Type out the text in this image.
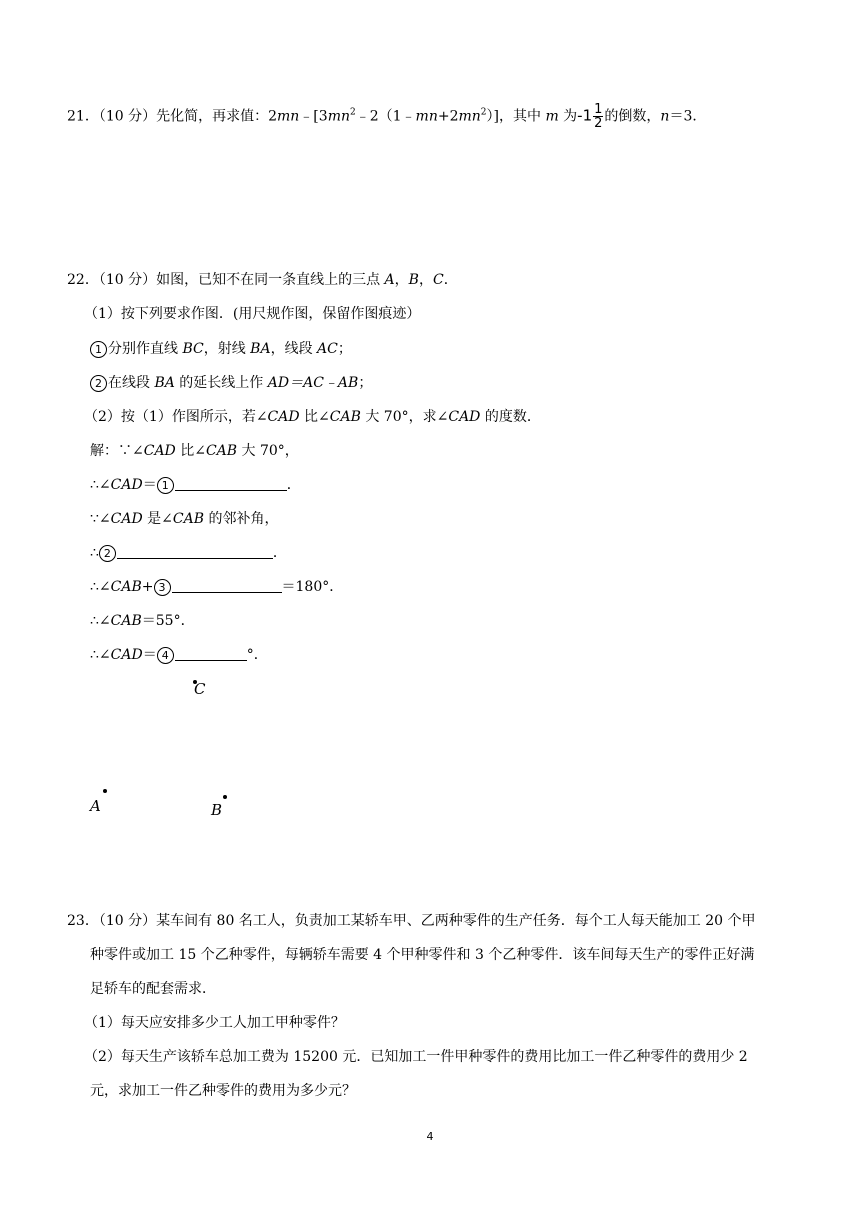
21．（10 分）先化简，再求值：$2mn﹣[3mn^2﹣2(1﹣mn+2mn^2)]$，其中 m 为$-1 \frac{1}{2}$ 的倒数，n＝3．
22．（10 分）如图，已知不在同一条直线上的三点 A，B，C．
（1）按下列要求作图．(用尺规作图，保留作图痕迹）
1 分别作直线 BC，射线 BA，线段 AC；
2 在线段 BA 的延长线上作 AD＝AC﹣AB；
（2）按（1）作图所示，若∠CAD 比∠CAB 大 70°，求∠CAD 的度数．
解：∵∠CAD 比∠CAB 大 70°，
∴∠CAD＝ 1	．
∵∠CAD 是∠CAB 的邻补角，
∴ 2	．
∴∠CAB+ 3	＝180°．
∴∠CAB＝55°．
∴∠CAD＝ 4	°．
C
A	B
23．（10 分）某车间有 80 名工人，负责加工某轿车甲、乙两种零件的生产任务．每个工人每天能加工 20 个甲
种零件或加工 15 个乙种零件，每辆轿车需要 4 个甲种零件和 3 个乙种零件．该车间每天生产的零件正好满
足轿车的配套需求．
（1）每天应安排多少工人加工甲种零件？
（2）每天生产该轿车总加工费为 15200 元．已知加工一件甲种零件的费用比加工一件乙种零件的费用少 2
元，求加工一件乙种零件的费用为多少元？
4
